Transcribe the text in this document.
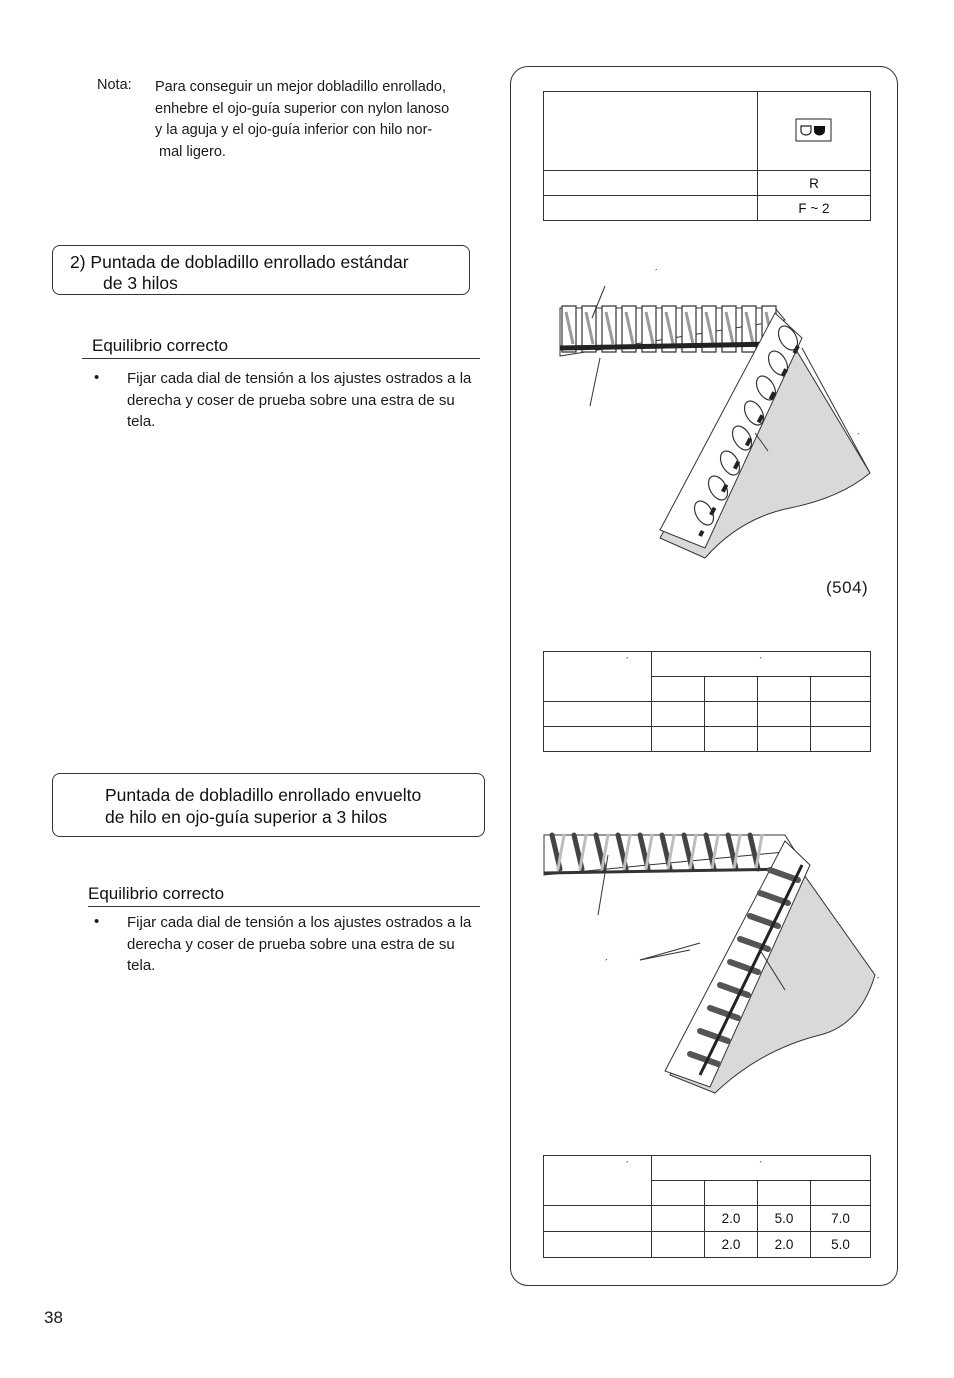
Nota: Para conseguir un mejor dobladillo enrollado,
enhebre el ojo-guía superior con nylon lanoso
y la aguja y el ojo-guía inferior con hilo nor-
mal ligero.
2) Puntada de dobladillo enrollado estándar
de 3 hilos
Equilibrio correcto
• Fijar cada dial de tensión a los ajustes ostrados a la derecha y coser de prueba sobre una estra de su tela.
Puntada de dobladillo enrollado envuelto
de hilo en ojo-guía superior a 3 hilos
Equilibrio correcto
• Fijar cada dial de tensión a los ajustes ostrados a la derecha y coser de prueba sobre una estra de su tela.

	R
	F ~ 2
´
´
(504)
´	´			

´
´
´	´			

		2.0	5.0	7.0
		2.0	2.0	5.0
38
